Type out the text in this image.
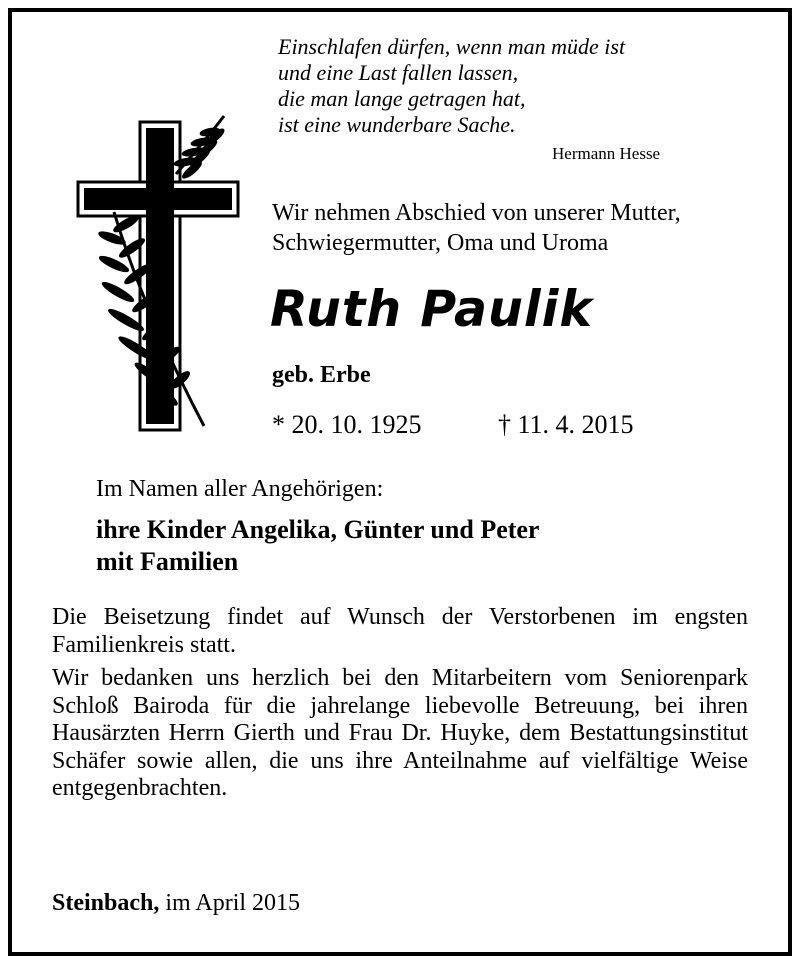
Einschlafen dürfen, wenn man müde ist
und eine Last fallen lassen,
die man lange getragen hat,
ist eine wunderbare Sache.
Hermann Hesse
Wir nehmen Abschied von unserer Mutter,
Schwiegermutter, Oma und Uroma
Ruth Paulik
geb. Erbe
* 20. 10. 1925	† 11. 4. 2015
Im Namen aller Angehörigen:
ihre Kinder Angelika, Günter und Peter
mit Familien

Die Beisetzung findet auf Wunsch der Verstorbenen im engsten Familienkreis statt.

Wir bedanken uns herzlich bei den Mitarbeitern vom Seniorenpark Schloß Bairoda für die jahrelange liebevolle Betreuung, bei ihren Hausärzten Herrn Gierth und Frau Dr. Huyke, dem Bestattungsinstitut Schäfer sowie allen, die uns ihre Anteilnahme auf vielfältige Weise entgegenbrachten.

Steinbach, im April 2015
